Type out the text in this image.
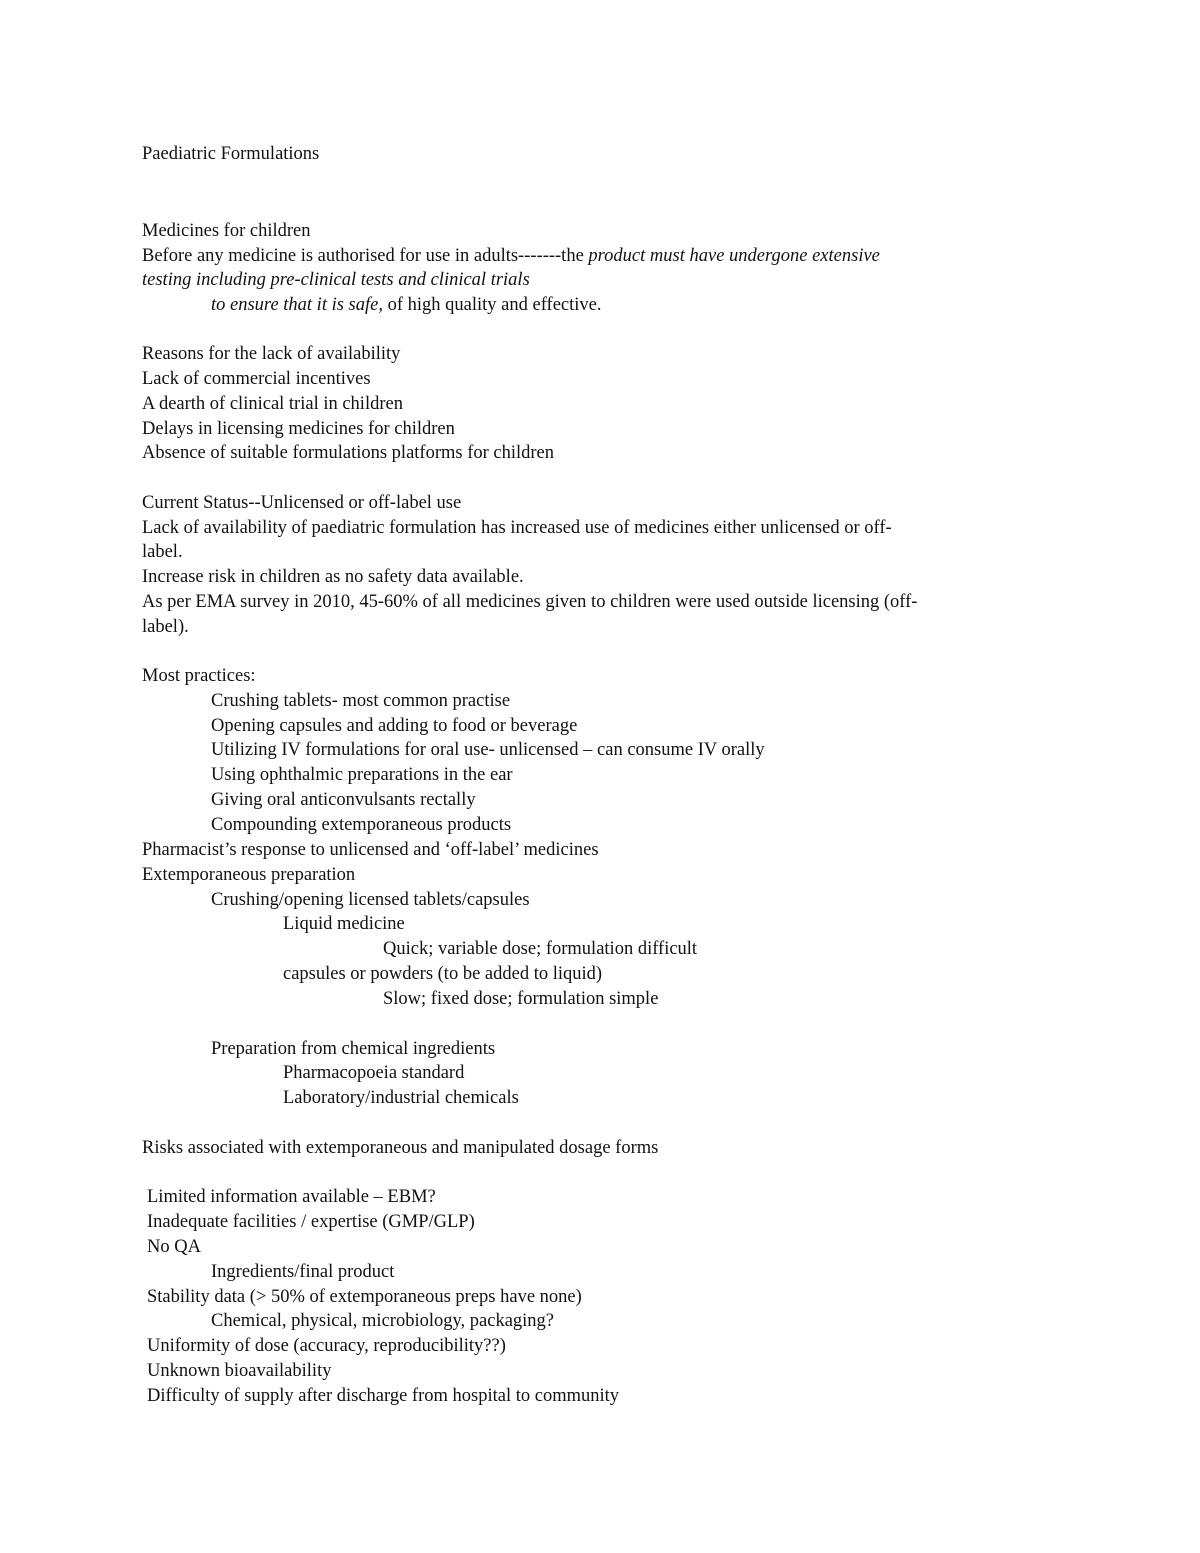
Paediatric Formulations
Medicines for children
Before any medicine is authorised for use in adults-------the product must have undergone extensive
testing including pre-clinical tests and clinical trials
to ensure that it is safe, of high quality and effective.
Reasons for the lack of availability
Lack of commercial incentives
A dearth of clinical trial in children
Delays in licensing medicines for children
Absence of suitable formulations platforms for children
Current Status--Unlicensed or off-label use
Lack of availability of paediatric formulation has increased use of medicines either unlicensed or off-
label.
Increase risk in children as no safety data available.
As per EMA survey in 2010, 45-60% of all medicines given to children were used outside licensing (off-
label).
Most practices:
Crushing tablets- most common practise
Opening capsules and adding to food or beverage
Utilizing IV formulations for oral use- unlicensed – can consume IV orally
Using ophthalmic preparations in the ear
Giving oral anticonvulsants rectally
Compounding extemporaneous products
Pharmacist’s response to unlicensed and ‘off-label’ medicines
Extemporaneous preparation
Crushing/opening licensed tablets/capsules
Liquid medicine
Quick; variable dose; formulation difficult
capsules or powders (to be added to liquid)
Slow; fixed dose; formulation simple
Preparation from chemical ingredients
Pharmacopoeia standard
Laboratory/industrial chemicals
Risks associated with extemporaneous and manipulated dosage forms
Limited information available – EBM?
Inadequate facilities / expertise (GMP/GLP)
No QA
Ingredients/final product
Stability data (> 50% of extemporaneous preps have none)
Chemical, physical, microbiology, packaging?
Uniformity of dose (accuracy, reproducibility??)
Unknown bioavailability
Difficulty of supply after discharge from hospital to community
